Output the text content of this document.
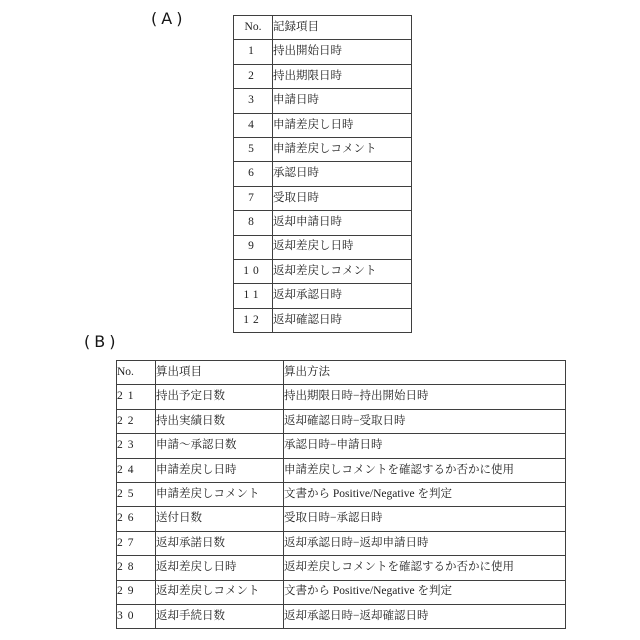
(A)	No.	記録項目
1	持出開始日時
2	持出期限日時
3	申請日時
4	申請差戻し日時
5	申請差戻しコメント
6	承認日時
7	受取日時
8	返却申請日時
9	返却差戻し日時
10	返却差戻しコメント
11	返却承認日時
12	返却確認日時
(B)
No.	算出項目	算出方法
21	持出予定日数	持出期限日時−持出開始日時
22	持出実績日数	返却確認日時−受取日時
23	申請～承認日数	承認日時−申請日時
24	申請差戻し日時	申請差戻しコメントを確認するか否かに使用
25	申請差戻しコメント	文書から Positive/Negative を判定
26	送付日数	受取日時−承認日時
27	返却承諾日数	返却承認日時−返却申請日時
28	返却差戻し日時	返却差戻しコメントを確認するか否かに使用
29	返却差戻しコメント	文書から Positive/Negative を判定
30	返却手続日数	返却承認日時−返却確認日時
